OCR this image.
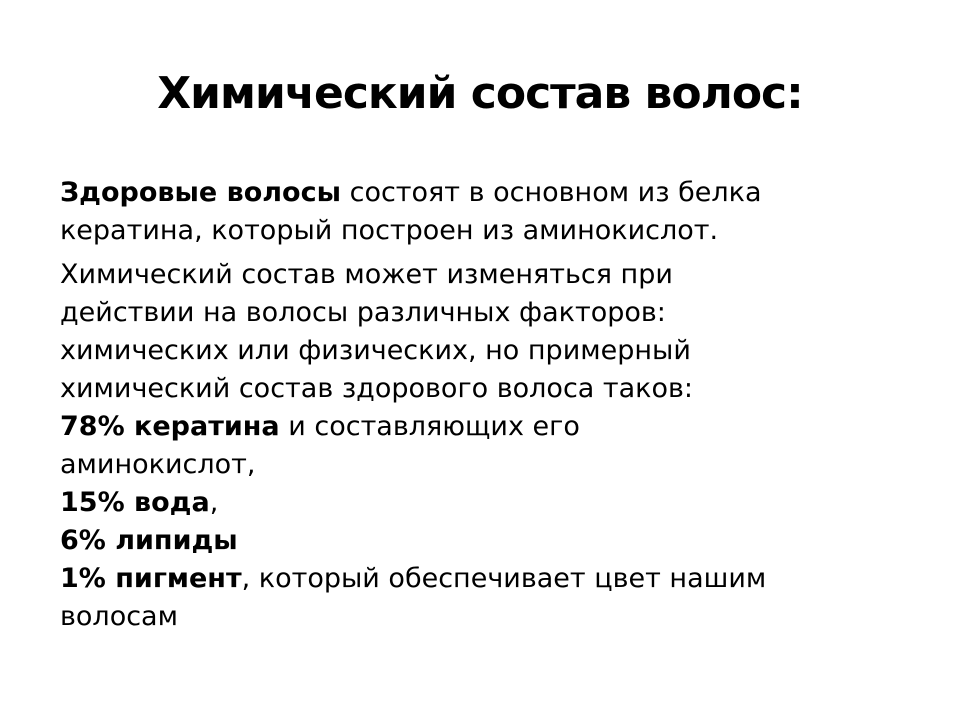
Химический состав волос:

Здоровые волосы состоят в основном из белка
кератина, который построен из аминокислот.

Химический состав может изменяться при
действии на волосы различных факторов:
химических или физических, но примерный
химический состав здорового волоса таков:
78% кератина и составляющих его
аминокислот,
15% вода,
6% липиды
1% пигмент, который обеспечивает цвет нашим
волосам
